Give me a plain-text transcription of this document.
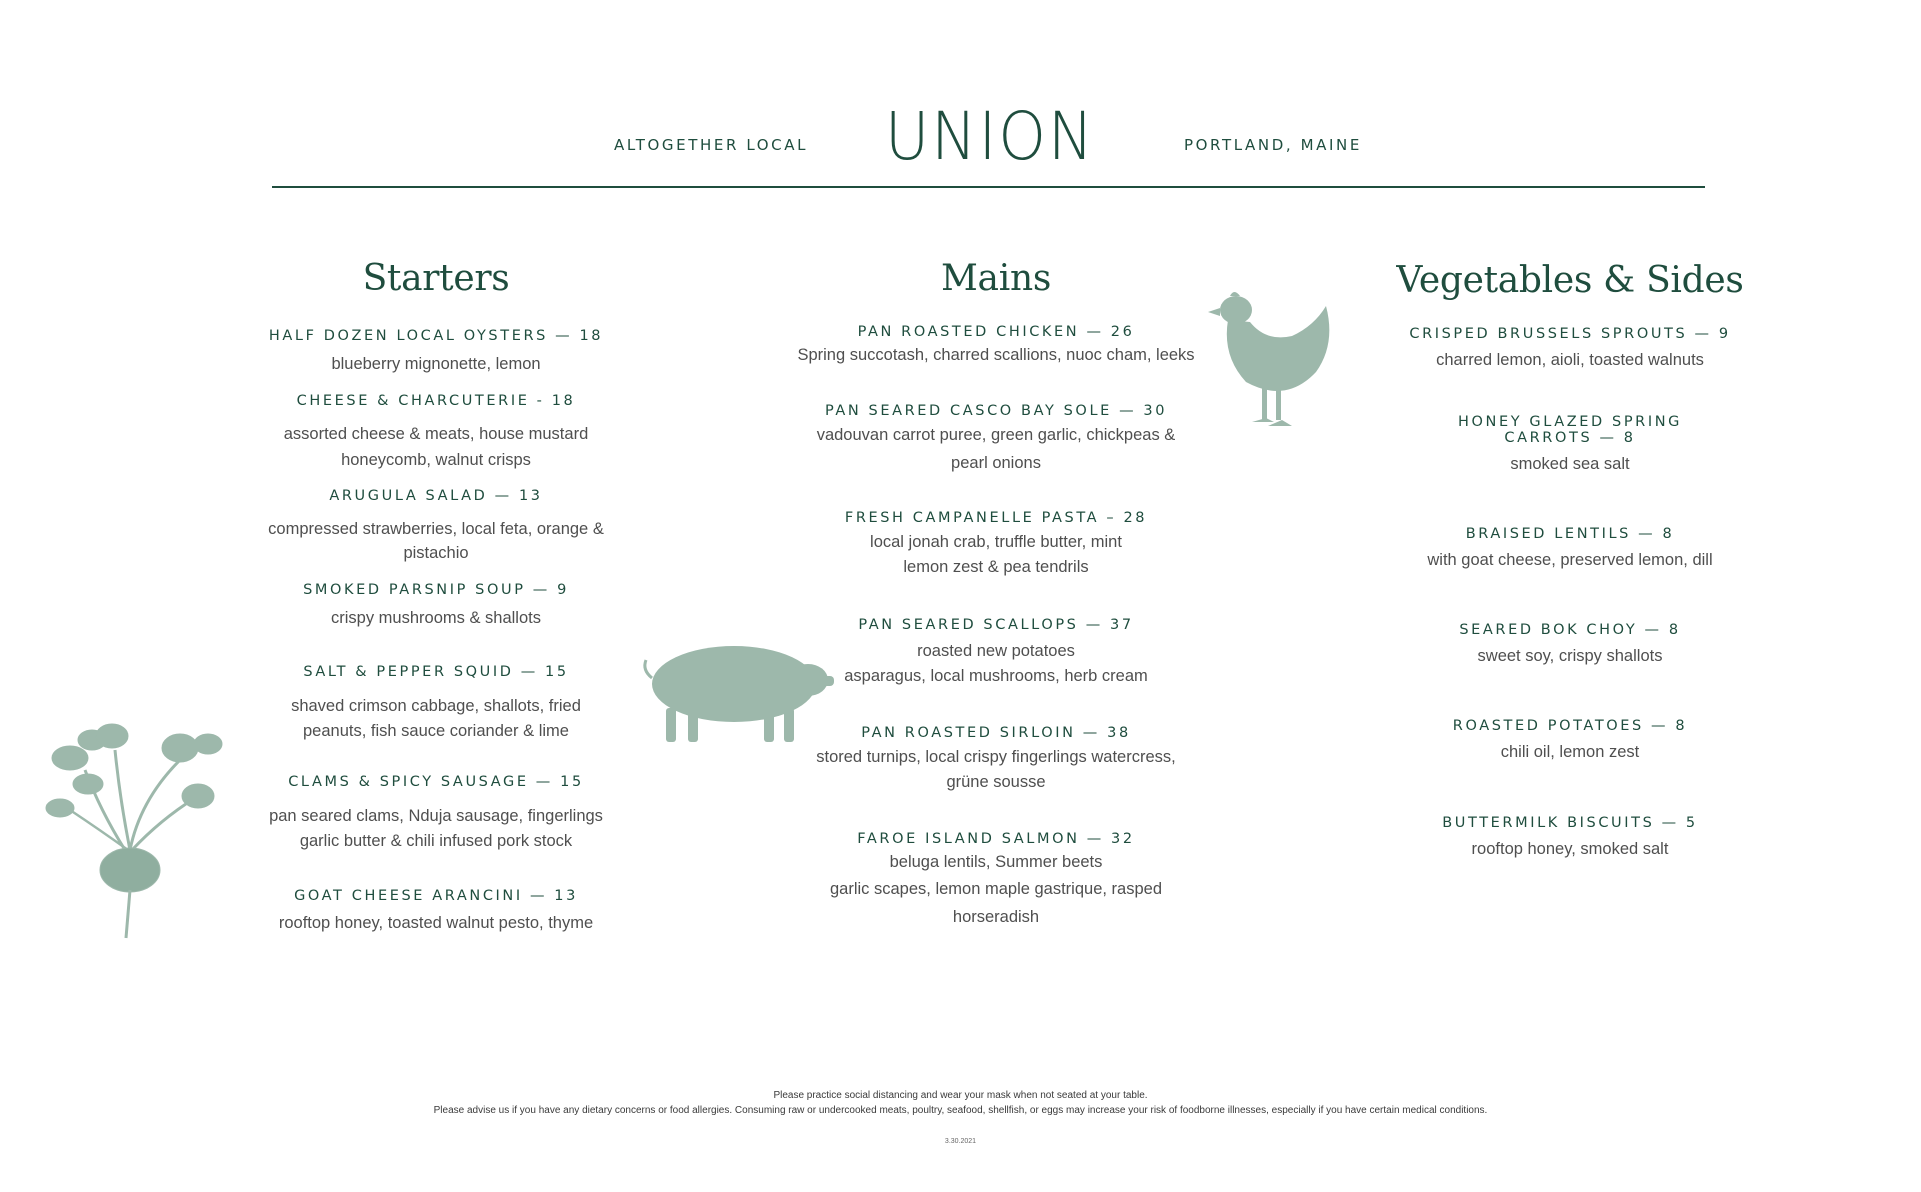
ALTOGETHER LOCAL UNION	PORTLAND, MAINE
Starters
HALF DOZEN LOCAL OYSTERS — 18
blueberry mignonette, lemon
CHEESE & CHARCUTERIE - 18
assorted cheese & meats, house mustard
honeycomb, walnut crisps
ARUGULA SALAD — 13
compressed strawberries, local feta, orange &
pistachio
SMOKED PARSNIP SOUP — 9
crispy mushrooms & shallots
SALT & PEPPER SQUID — 15
shaved crimson cabbage, shallots, fried
peanuts, fish sauce coriander & lime
CLAMS & SPICY SAUSAGE — 15
pan seared clams, Nduja sausage, fingerlings
garlic butter & chili infused pork stock
GOAT CHEESE ARANCINI — 13
rooftop honey, toasted walnut pesto, thyme
Mains
PAN ROASTED CHICKEN — 26
Spring succotash, charred scallions, nuoc cham, leeks
PAN SEARED CASCO BAY SOLE — 30
vadouvan carrot puree, green garlic, chickpeas &
pearl onions
FRESH CAMPANELLE PASTA – 28
local jonah crab, truffle butter, mint
lemon zest & pea tendrils
PAN SEARED SCALLOPS — 37
roasted new potatoes
asparagus, local mushrooms, herb cream
PAN ROASTED SIRLOIN — 38
stored turnips, local crispy fingerlings watercress,
grüne sousse
FAROE ISLAND SALMON — 32
beluga lentils, Summer beets
garlic scapes, lemon maple gastrique, rasped
horseradish
Vegetables & Sides
CRISPED BRUSSELS SPROUTS — 9
charred lemon, aioli, toasted walnuts
HONEY GLAZED SPRING
CARROTS — 8
smoked sea salt
BRAISED LENTILS — 8
with goat cheese, preserved lemon, dill
SEARED BOK CHOY — 8
sweet soy, crispy shallots
ROASTED POTATOES — 8
chili oil, lemon zest
BUTTERMILK BISCUITS — 5
rooftop honey, smoked salt
Please practice social distancing and wear your mask when not seated at your table.
Please advise us if you have any dietary concerns or food allergies. Consuming raw or undercooked meats, poultry, seafood, shellfish, or eggs may increase your risk of foodborne illnesses, especially if you have certain medical conditions.
3.30.2021
